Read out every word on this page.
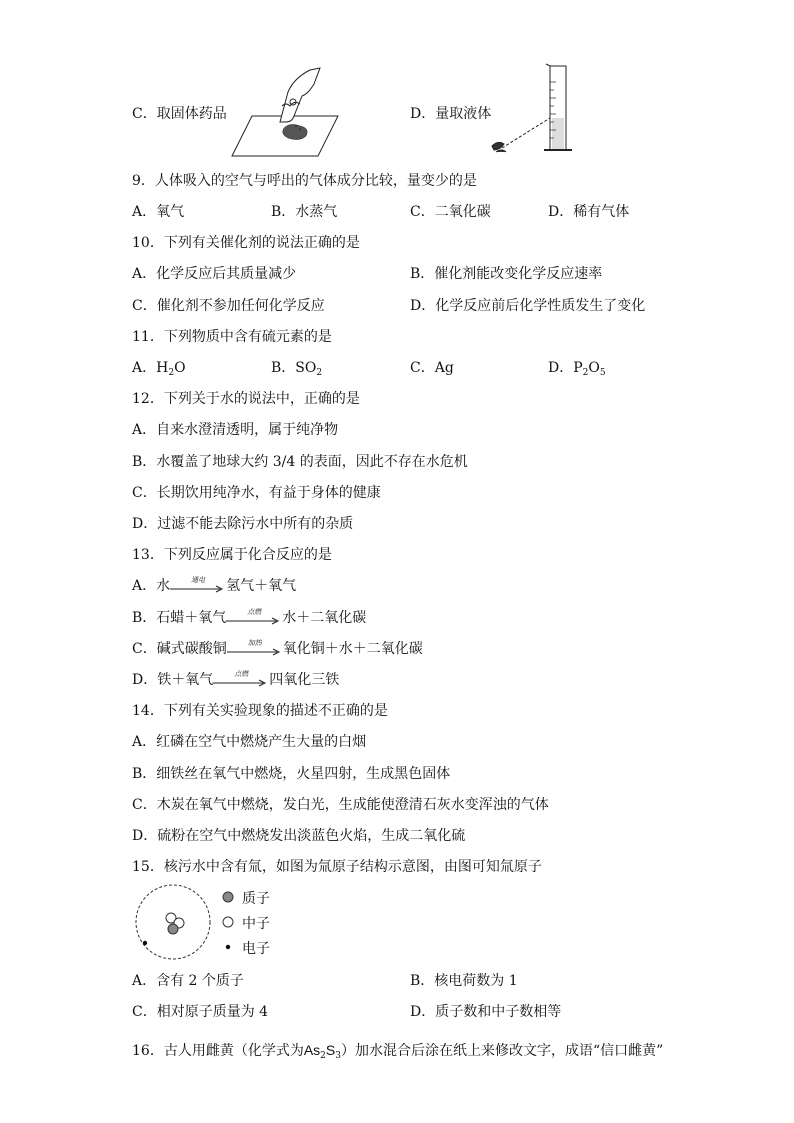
C．取固体药品	D．量取液体
9．人体吸入的空气与呼出的气体成分比较，量变少的是
A．氧气	B．水蒸气	C．二氧化碳	D．稀有气体
10．下列有关催化剂的说法正确的是
A．化学反应后其质量减少	B．催化剂能改变化学反应速率
C．催化剂不参加任何化学反应	D．化学反应前后化学性质发生了变化
11．下列物质中含有硫元素的是
A．$H_2O$	B．$SO_2$	C．Ag	D．$P_2O_5$
12．下列关于水的说法中，正确的是
A．自来水澄清透明，属于纯净物
B．水覆盖了地球大约 3/4 的表面，因此不存在水危机
C．长期饮用纯净水，有益于身体的健康
D．过滤不能去除污水中所有的杂质
13．下列反应属于化合反应的是
A．水	通电	氢气＋氧气
B．石蜡＋氧气	点燃	水＋二氧化碳
C．碱式碳酸铜	加热	氧化铜＋水＋二氧化碳
D．铁＋氧气	点燃	四氧化三铁
14．下列有关实验现象的描述不正确的是
A．红磷在空气中燃烧产生大量的白烟
B．细铁丝在氧气中燃烧，火星四射，生成黑色固体
C．木炭在氧气中燃烧，发白光，生成能使澄清石灰水变浑浊的气体
D．硫粉在空气中燃烧发出淡蓝色火焰，生成二氧化硫
15．核污水中含有氚，如图为氚原子结构示意图，由图可知氚原子
质子
中子
电子
A．含有 2 个质子	B．核电荷数为 1
C．相对原子质量为 4	D．质子数和中子数相等
16．古人用雌黄（化学式为$As_2S_3$）加水混合后涂在纸上来修改文字，成语“信口雌黄”
